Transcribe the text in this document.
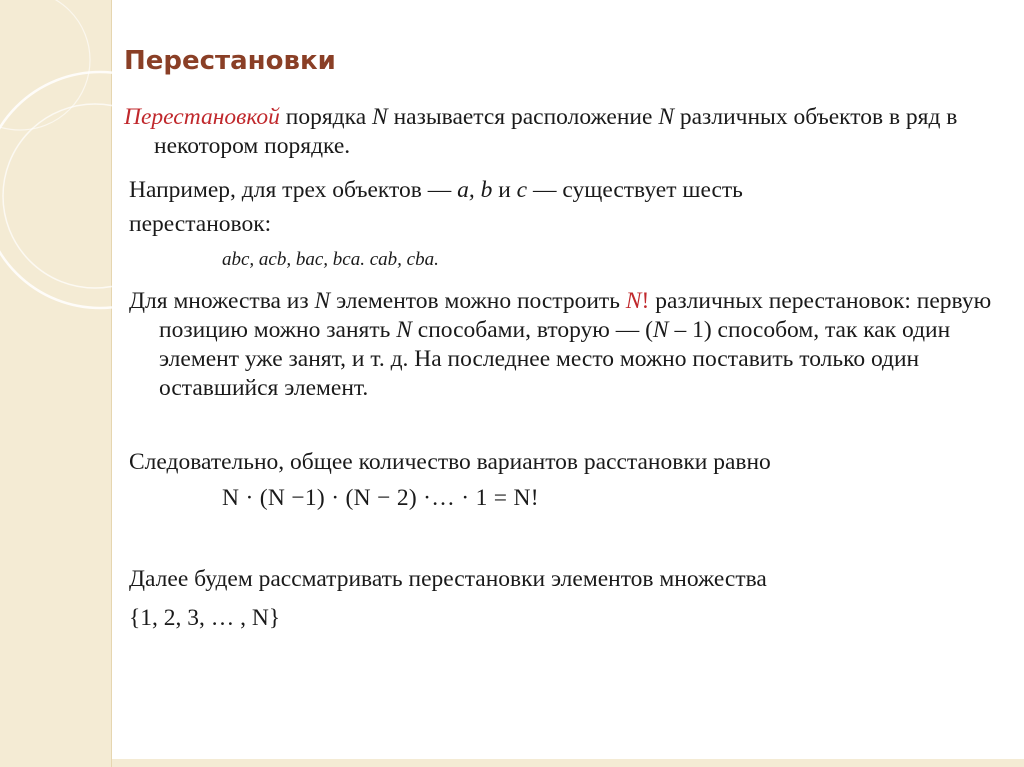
Перестановки

Перестановкой порядка N называется расположение N различных объектов в ряд в некотором порядке.

Например, для трех объектов — a, b и c — существует шесть

перестановок:

abc, acb, bac, bca. cab, cba.

Для множества из N элементов можно построить N! различных перестановок: первую позицию можно занять N способами, вторую — (N – 1) способом, так как один элемент уже занят, и т. д. На последнее место можно поставить только один оставшийся элемент.

Следовательно, общее количество вариантов расстановки равно

N · (N −1) · (N − 2) ·… · 1 = N!

Далее будем рассматривать перестановки элементов множества

{1, 2, 3, … , N}
